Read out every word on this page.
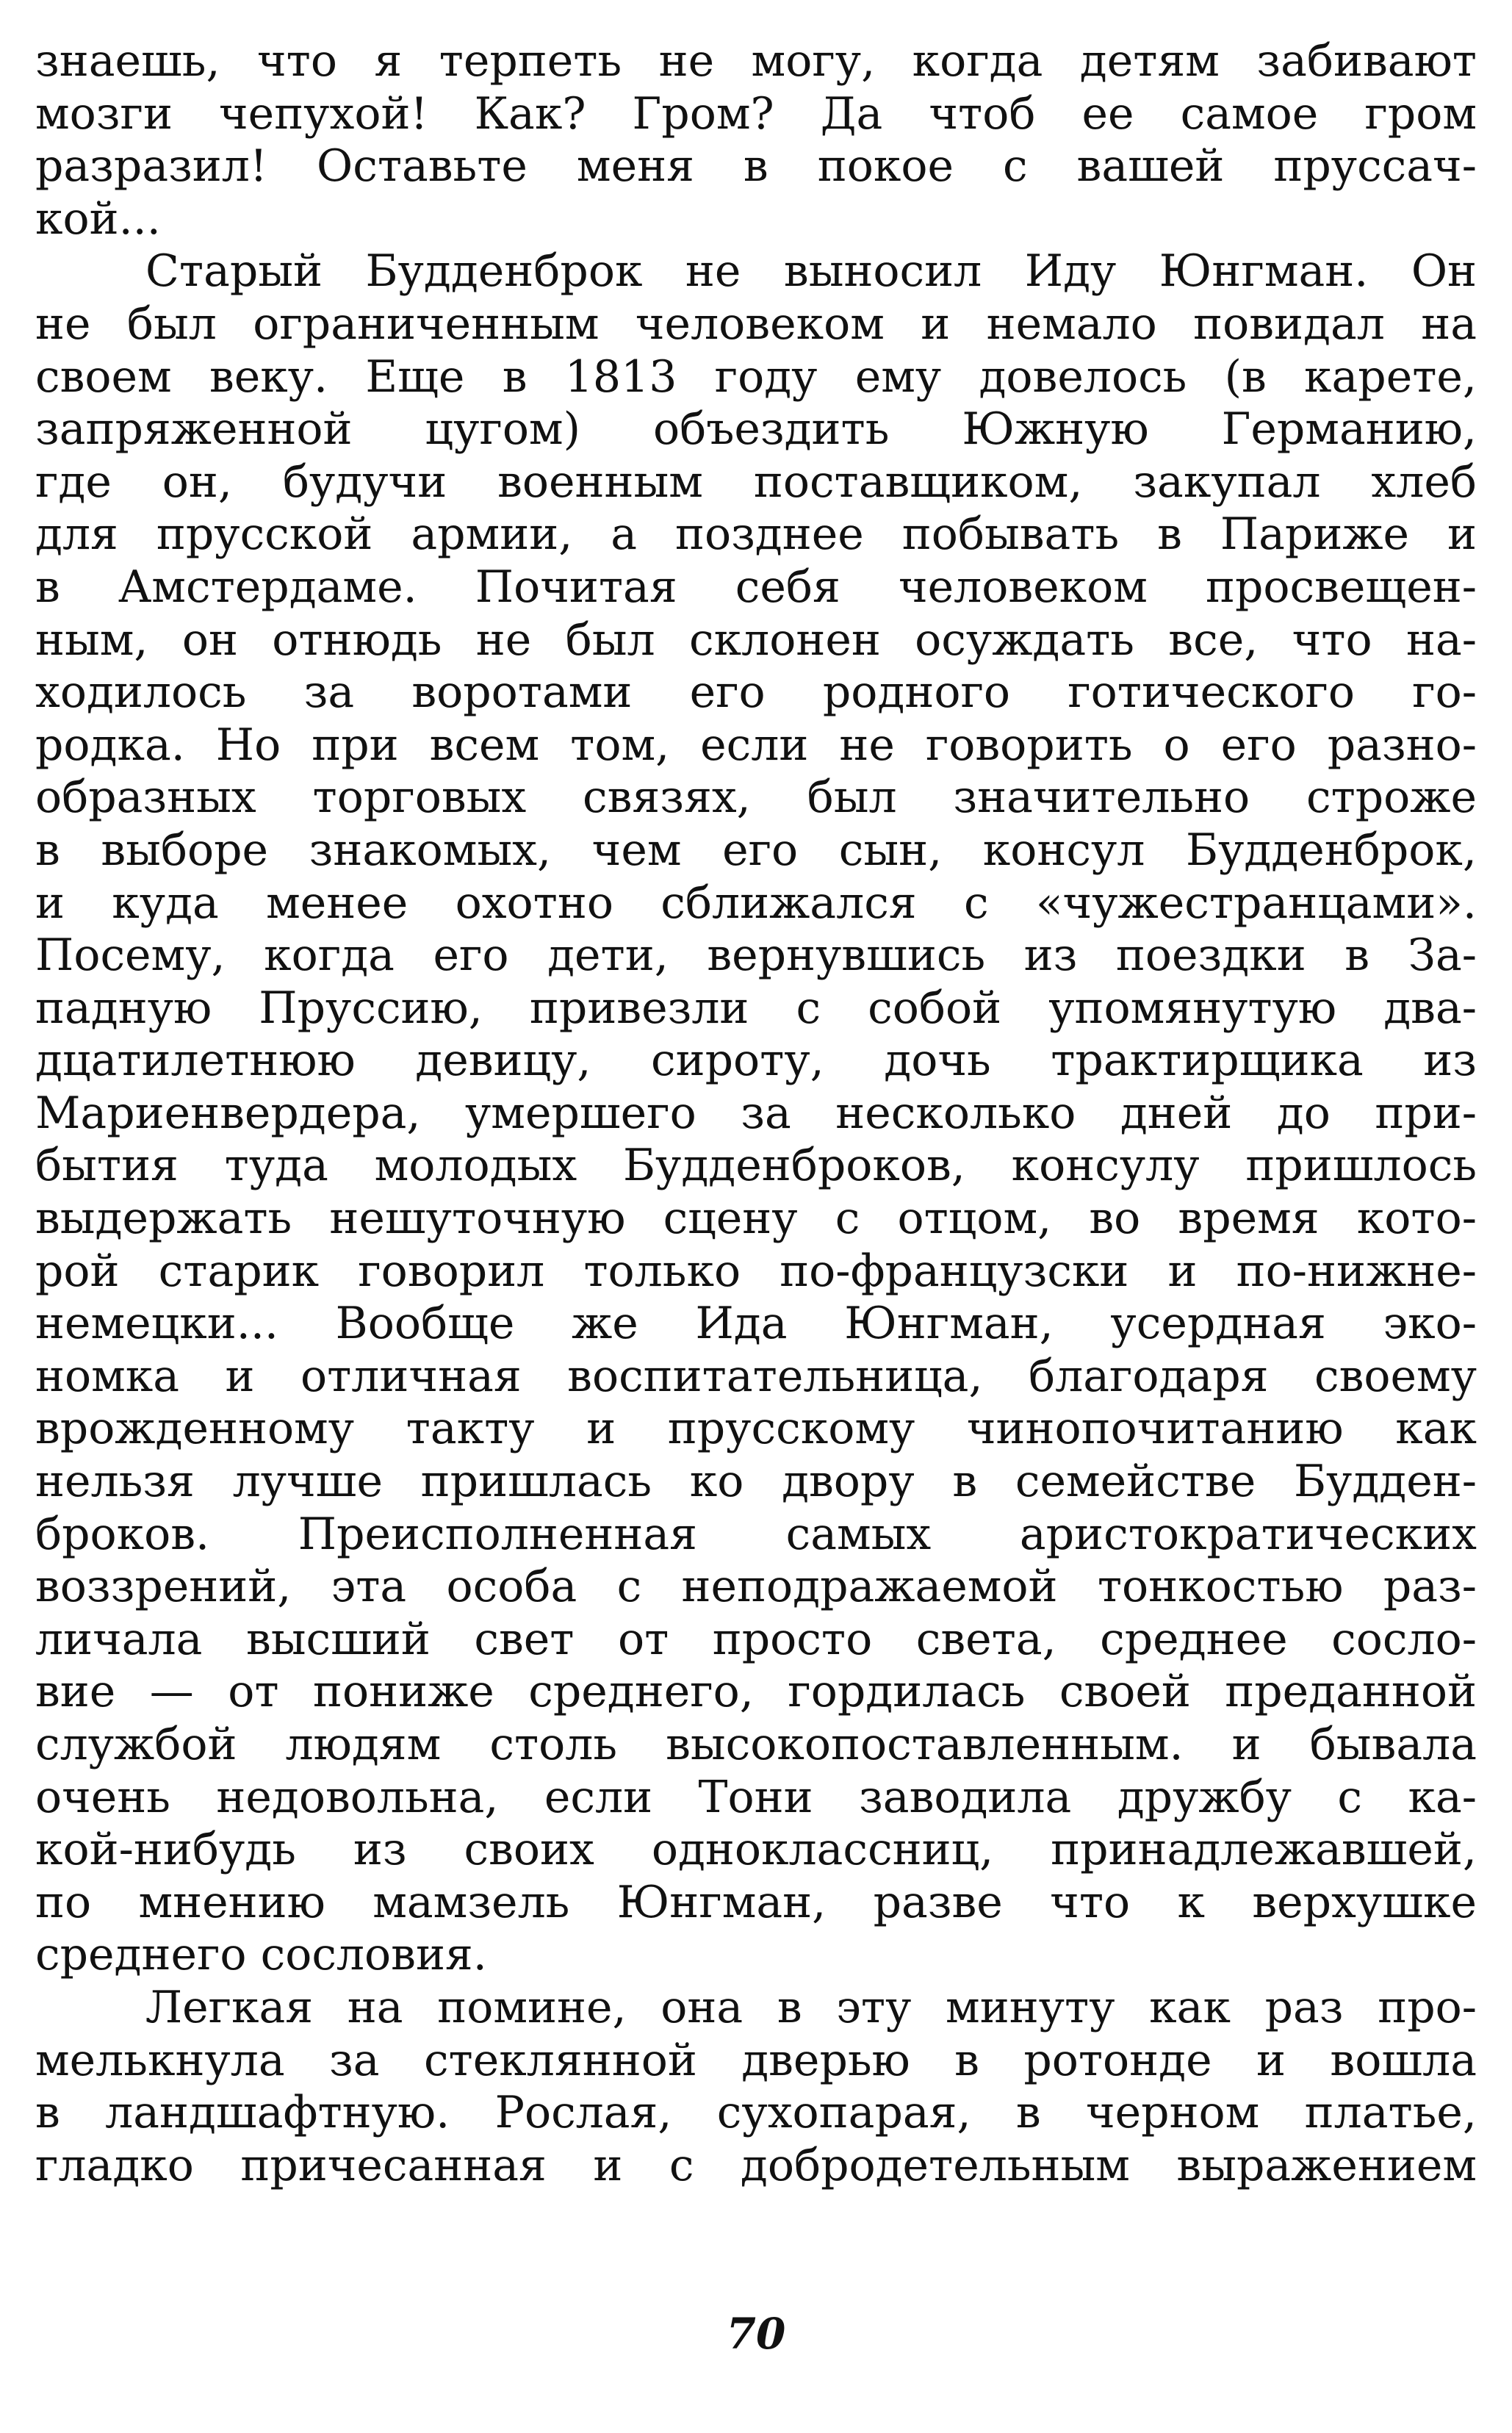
знаешь, что я терпеть не могу, когда детям забивают
мозги чепухой! Как? Гром? Да чтоб ее самое гром
разразил! Оставьте меня в покое с вашей пруссач-
кой...
Старый Будденброк не выносил Иду Юнгман. Он
не был ограниченным человеком и немало повидал на
своем веку. Еще в 1813 году ему довелось (в карете,
запряженной цугом) объездить Южную Германию,
где он, будучи военным поставщиком, закупал хлеб
для прусской армии, а позднее побывать в Париже и
в Амстердаме. Почитая себя человеком просвещен-
ным, он отнюдь не был склонен осуждать все, что на-
ходилось за воротами его родного готического го-
родка. Но при всем том, если не говорить о его разно-
образных торговых связях, был значительно строже
в выборе знакомых, чем его сын, консул Будденброк,
и куда менее охотно сближался с «чужестранцами».
Посему, когда его дети, вернувшись из поездки в За-
падную Пруссию, привезли с собой упомянутую два-
дцатилетнюю девицу, сироту, дочь трактирщика из
Мариенвердера, умершего за несколько дней до при-
бытия туда молодых Будденброков, консулу пришлось
выдержать нешуточную сцену с отцом, во время кото-
рой старик говорил только по-французски и по-нижне-
немецки... Вообще же Ида Юнгман, усердная эко-
номка и отличная воспитательница, благодаря своему
врожденному такту и прусскому чинопочитанию как
нельзя лучше пришлась ко двору в семействе Будден-
броков. Преисполненная самых аристократических
воззрений, эта особа с неподражаемой тонкостью раз-
личала высший свет от просто света, среднее сосло-
вие — от пониже среднего, гордилась своей преданной
службой людям столь высокопоставленным. и бывала
очень недовольна, если Тони заводила дружбу с ка-
кой-нибудь из своих одноклассниц, принадлежавшей,
по мнению мамзель Юнгман, разве что к верхушке
среднего сословия.
Легкая на помине, она в эту минуту как раз про-
мелькнула за стеклянной дверью в ротонде и вошла
в ландшафтную. Рослая, сухопарая, в черном платье,
гладко причесанная и с добродетельным выражением
70
